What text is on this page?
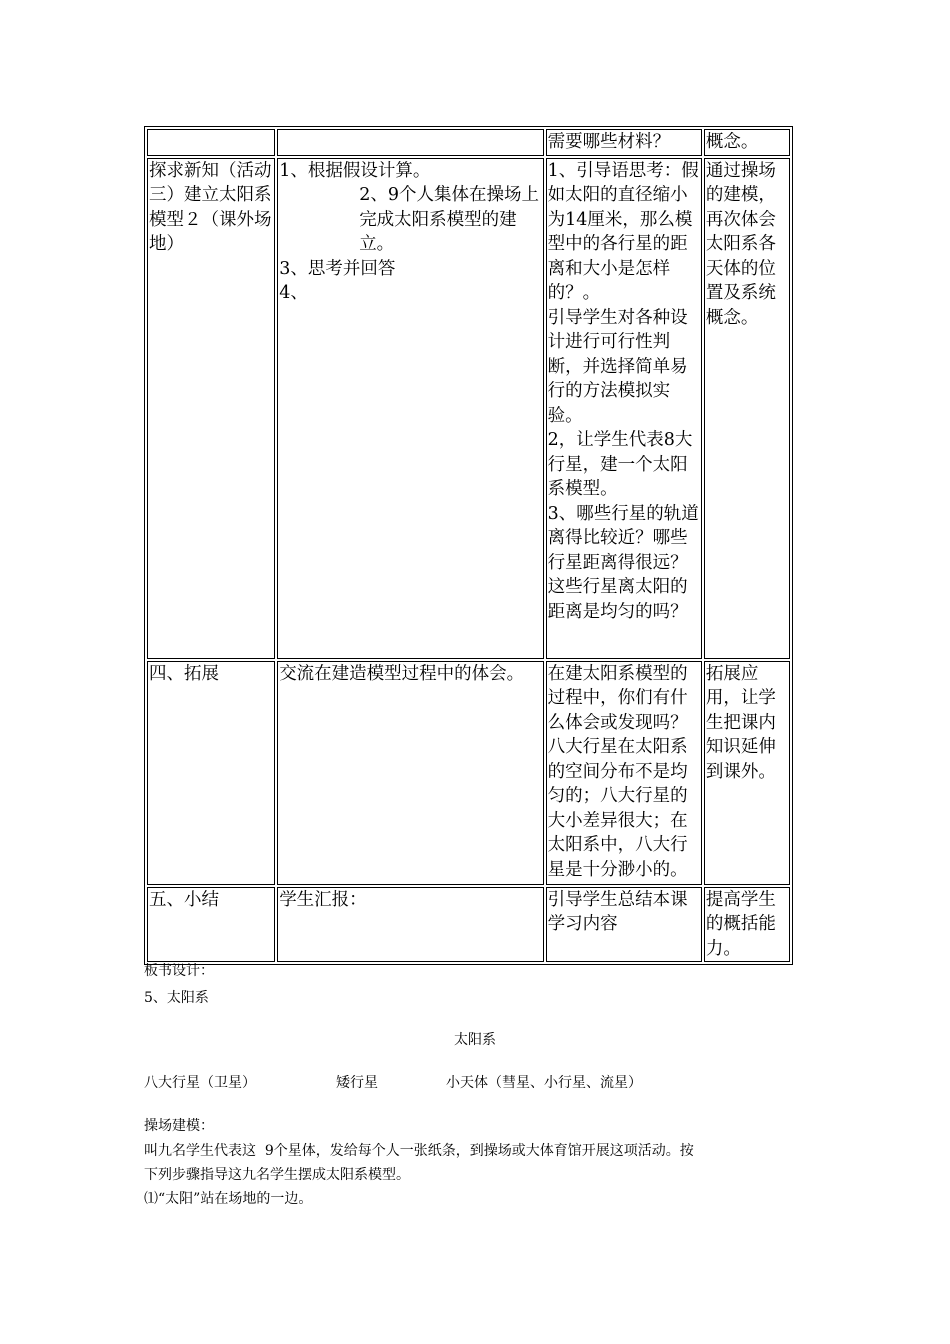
		需要哪些材料？	概念。

探求新知（活动三）建立太阳系模型２（课外场地）	1、根据假设计算。
2、9个人集体在操场上完成太阳系模型的建立。
3、思考并回答
4、	1、引导语思考：假如太阳的直径缩小为14厘米，那么模型中的各行星的距离和大小是怎样的？。
引导学生对各种设计进行可行性判断，并选择简单易行的方法模拟实验。
2，让学生代表8大行星，建一个太阳系模型。
3、哪些行星的轨道离得比较近？哪些行星距离得很远？这些行星离太阳的距离是均匀的吗？	通过操场的建模，再次体会太阳系各天体的位置及系统概念。

四、拓展	交流在建造模型过程中的体会。	在建太阳系模型的过程中，你们有什么体会或发现吗？八大行星在太阳系的空间分布不是均匀的；八大行星的大小差异很大；在太阳系中，八大行星是十分渺小的。	拓展应用，让学生把课内知识延伸到课外。

五、小结	学生汇报：	引导学生总结本课学习内容	提高学生的概括能力。
板书设计：
5、太阳系
太阳系
八大行星（卫星）	矮行星	小天体（彗星、小行星、流星）
操场建模：
叫九名学生代表这  9个星体，发给每个人一张纸条，到操场或大体育馆开展这项活动。按
下列步骤指导这九名学生摆成太阳系模型。
⑴“太阳”站在场地的一边。
